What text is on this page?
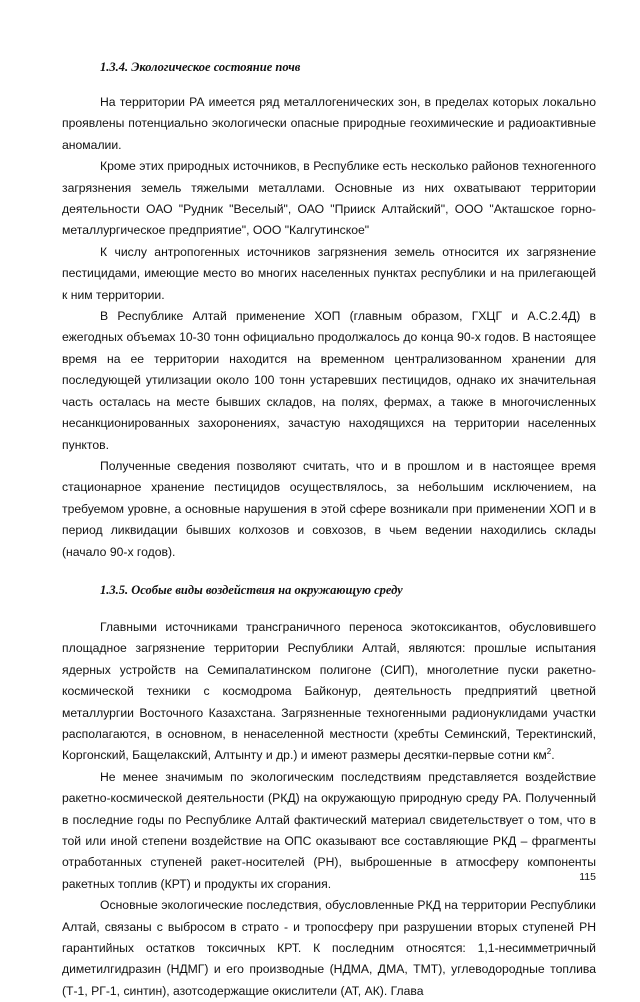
1.3.4. Экологическое состояние почв

На территории РА имеется ряд металлогенических зон, в пределах которых локально проявлены потенциально экологически опасные природные геохимические и радиоактивные аномалии.

Кроме этих природных источников, в Республике есть несколько районов техногенного загрязнения земель тяжелыми металлами. Основные из них охватывают территории деятельности ОАО "Рудник "Веселый", ОАО "Прииск Алтайский", ООО "Акташское горно-металлургическое предприятие", ООО "Калгутинское"

К числу антропогенных источников загрязнения земель относится их загрязнение пестицидами, имеющие место во многих населенных пунктах республики и на прилегающей к ним территории.

В Республике Алтай применение ХОП (главным образом, ГХЦГ и А.С.2.4Д) в ежегодных объемах 10-30 тонн официально продолжалось до конца 90-х годов. В настоящее время на ее территории находится на временном централизованном хранении для последующей утилизации около 100 тонн устаревших пестицидов, однако их значительная часть осталась на месте бывших складов, на полях, фермах, а также в многочисленных несанкционированных захоронениях, зачастую находящихся на территории населенных пунктов.

Полученные сведения позволяют считать, что и в прошлом и в настоящее время стационарное хранение пестицидов осуществлялось, за небольшим исключением, на требуемом уровне, а основные нарушения в этой сфере возникали при применении ХОП и в период ликвидации бывших колхозов и совхозов, в чьем ведении находились склады (начало 90-х годов).

1.3.5. Особые виды воздействия на окружающую среду

Главными источниками трансграничного переноса экотоксикантов, обусловившего площадное загрязнение территории Республики Алтай, являются: прошлые испытания ядерных устройств на Семипалатинском полигоне (СИП), многолетние пуски ракетно-космической техники с космодрома Байконур, деятельность предприятий цветной металлургии Восточного Казахстана. Загрязненные техногенными радионуклидами участки располагаются, в основном, в ненаселенной местности (хребты Семинский, Теректинский, Коргонский, Бащелакский, Алтынту и др.) и имеют размеры десятки-первые сотни $км^2$.

Не менее значимым по экологическим последствиям представляется воздействие ракетно-космической деятельности (РКД) на окружающую природную среду РА. Полученный в последние годы по Республике Алтай фактический материал свидетельствует о том, что в той или иной степени воздействие на ОПС оказывают все составляющие РКД – фрагменты отработанных ступеней ракет-носителей (РН), выброшенные в атмосферу компоненты ракетных топлив (КРТ) и продукты их сгорания.

Основные экологические последствия, обусловленные РКД на территории Республики Алтай, связаны с выбросом в страто - и тропосферу при разрушении вторых ступеней РН гарантийных остатков токсичных КРТ. К последним относятся: 1,1-несимметричный диметилгидразин (НДМГ) и его производные (НДМА, ДМА, ТМТ), углеводородные топлива (Т-1, РГ-1, синтин), азотсодержащие окислители (АТ, АК). Глава

115
